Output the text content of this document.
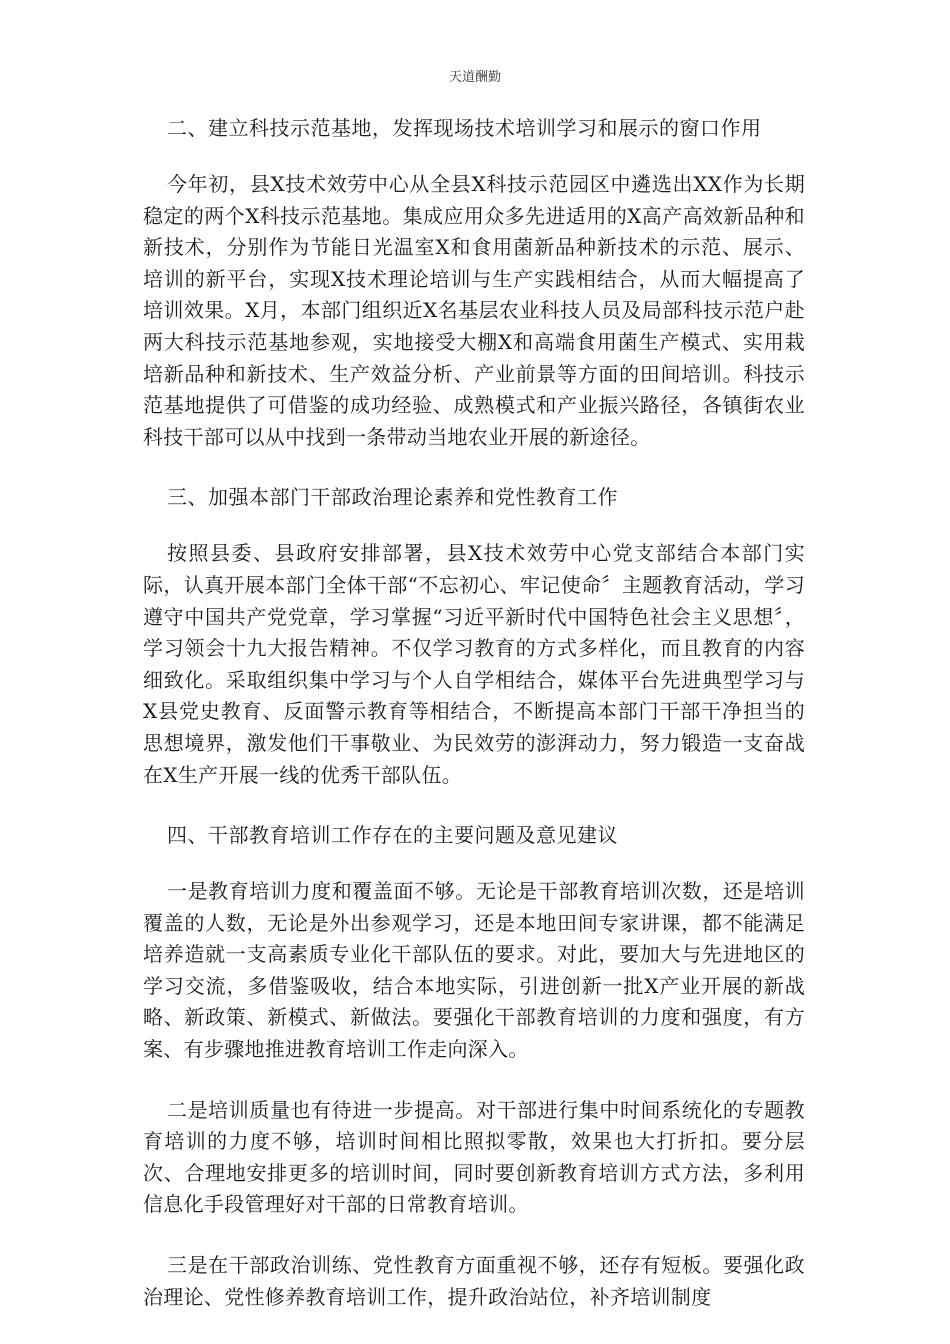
天道酬勤
二、建立科技示范基地，发挥现场技术培训学习和展示的窗口作用

今年初，县X技术效劳中心从全县X科技示范园区中遴选出XX作为长期稳定的两个X科技示范基地。集成应用众多先进适用的X高产高效新品种和新技术，分别作为节能日光温室X和食用菌新品种新技术的示范、展示、培训的新平台，实现X技术理论培训与生产实践相结合，从而大幅提高了培训效果。X月，本部门组织近X名基层农业科技人员及局部科技示范户赴两大科技示范基地参观，实地接受大棚X和高端食用菌生产模式、实用栽培新品种和新技术、生产效益分析、产业前景等方面的田间培训。科技示范基地提供了可借鉴的成功经验、成熟模式和产业振兴路径，各镇街农业科技干部可以从中找到一条带动当地农业开展的新途径。

三、加强本部门干部政治理论素养和党性教育工作

按照县委、县政府安排部署，县X技术效劳中心党支部结合本部门实际，认真开展本部门全体干部“不忘初心、牢记使命〞主题教育活动，学习遵守中国共产党党章，学习掌握“习近平新时代中国特色社会主义思想〞，学习领会十九大报告精神。不仅学习教育的方式多样化，而且教育的内容细致化。采取组织集中学习与个人自学相结合，媒体平台先进典型学习与X县党史教育、反面警示教育等相结合，不断提高本部门干部干净担当的思想境界，激发他们干事敬业、为民效劳的澎湃动力，努力锻造一支奋战在X生产开展一线的优秀干部队伍。

四、干部教育培训工作存在的主要问题及意见建议

一是教育培训力度和覆盖面不够。无论是干部教育培训次数，还是培训覆盖的人数，无论是外出参观学习，还是本地田间专家讲课，都不能满足培养造就一支高素质专业化干部队伍的要求。对此，要加大与先进地区的学习交流，多借鉴吸收，结合本地实际，引进创新一批X产业开展的新战略、新政策、新模式、新做法。要强化干部教育培训的力度和强度，有方案、有步骤地推进教育培训工作走向深入。

二是培训质量也有待进一步提高。对干部进行集中时间系统化的专题教育培训的力度不够，培训时间相比照拟零散，效果也大打折扣。要分层次、合理地安排更多的培训时间，同时要创新教育培训方式方法，多利用信息化手段管理好对干部的日常教育培训。

三是在干部政治训练、党性教育方面重视不够，还存有短板。要强化政治理论、党性修养教育培训工作，提升政治站位，补齐培训制度
